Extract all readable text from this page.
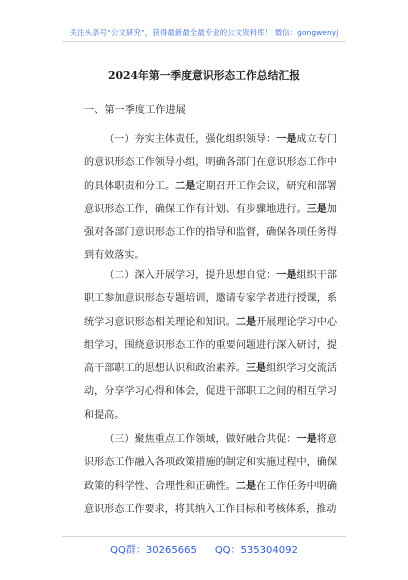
关注头条号“公文研究”，获得最新最全最专业的公文资料库！ 微信：gongwenyj
2024年第一季度意识形态工作总结汇报
一、第一季度工作进展

（一）夯实主体责任，强化组织领导：一是成立专门的意识形态工作领导小组，明确各部门在意识形态工作中的具体职责和分工。二是定期召开工作会议，研究和部署意识形态工作，确保工作有计划、有步骤地进行。三是加强对各部门意识形态工作的指导和监督，确保各项任务得到有效落实。

（二）深入开展学习，提升思想自觉：一是组织干部职工参加意识形态专题培训，邀请专家学者进行授课，系统学习意识形态相关理论和知识。二是开展理论学习中心组学习，围绕意识形态工作的重要问题进行深入研讨，提高干部职工的思想认识和政治素养。三是组织学习交流活动，分享学习心得和体会，促进干部职工之间的相互学习和提高。

（三）聚焦重点工作领域，做好融合共促：一是将意识形态工作融入各项政策措施的制定和实施过程中，确保政策的科学性、合理性和正确性。二是在工作任务中明确意识形态工作要求，将其纳入工作目标和考核体系，推动

QQ群：30265665 QQ：535304092
